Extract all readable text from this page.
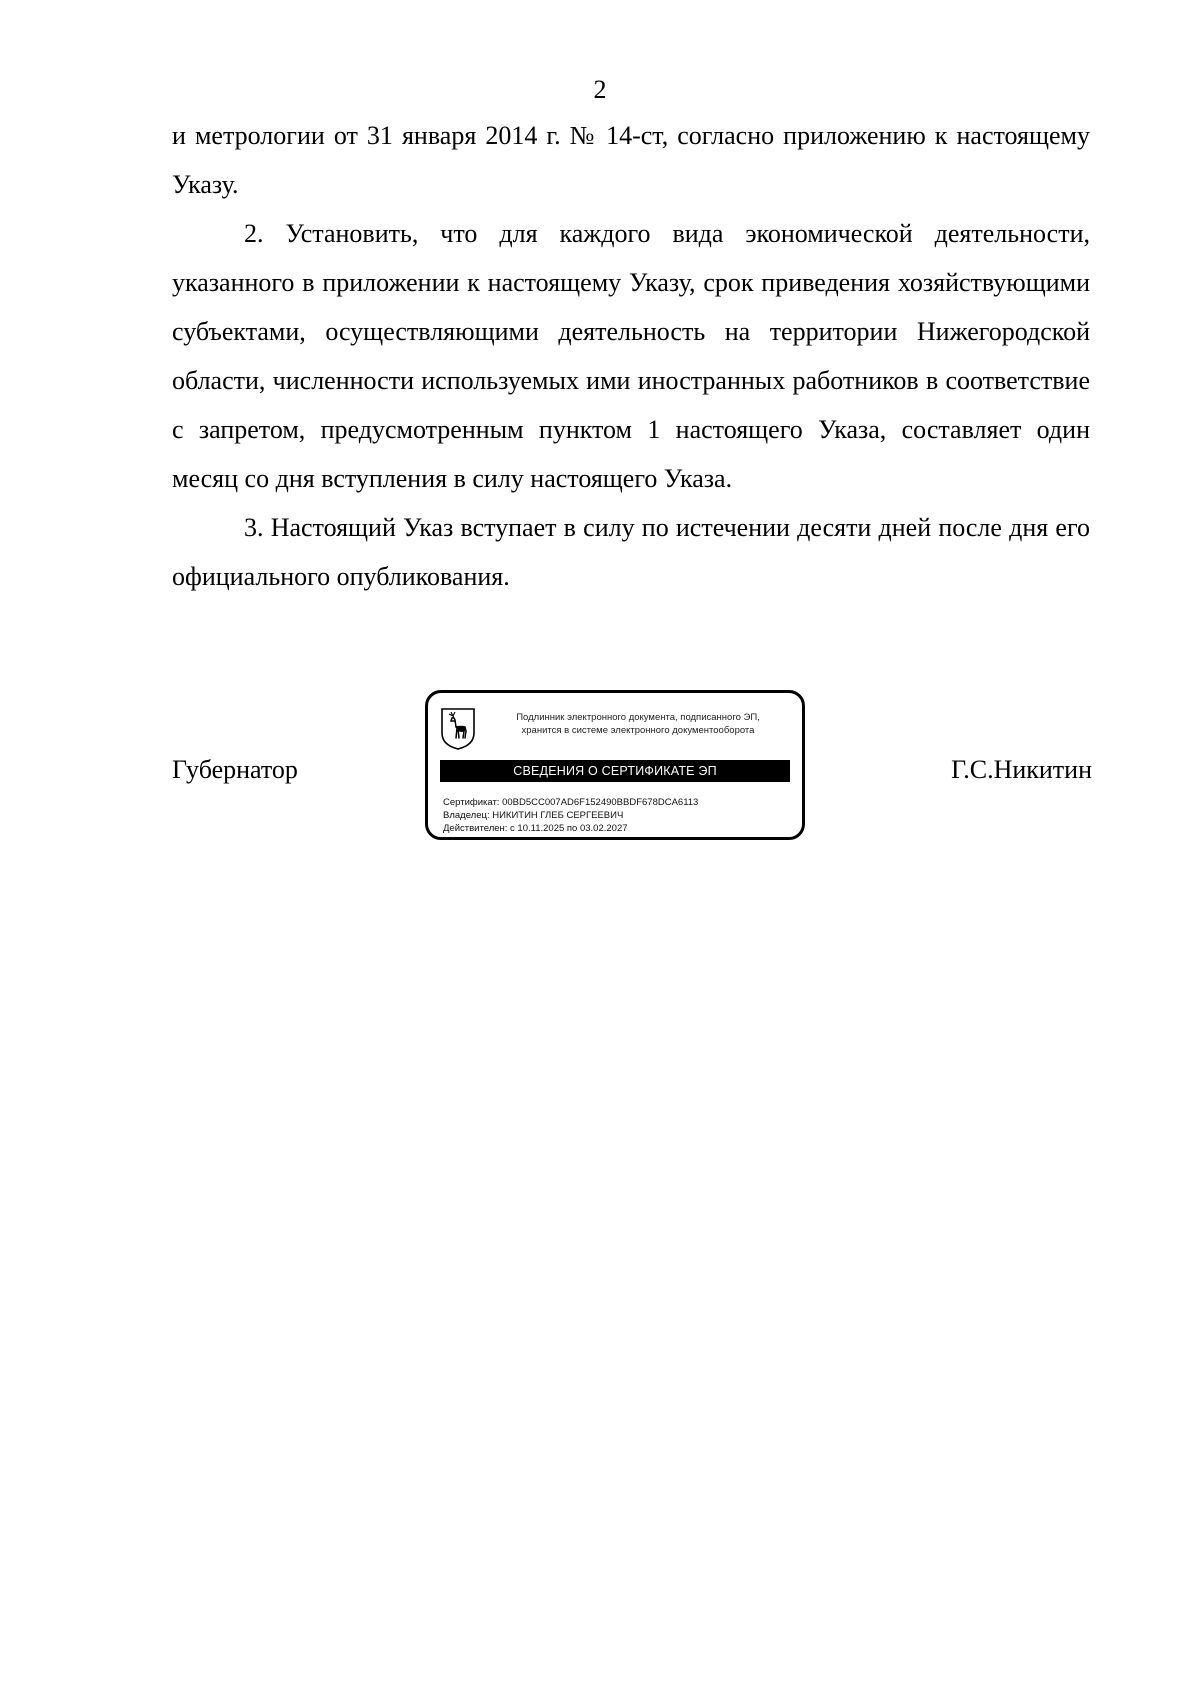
2

и метрологии от 31 января 2014 г. № 14-ст, согласно приложению к настоящему Указу.

2. Установить, что для каждого вида экономической деятельности, указанного в приложении к настоящему Указу, срок приведения хозяйствующими субъектами, осуществляющими деятельность на территории Нижегородской области, численности используемых ими иностранных работников в соответствие с запретом, предусмотренным пунктом 1 настоящего Указа, составляет один месяц со дня вступления в силу настоящего Указа.

3. Настоящий Указ вступает в силу по истечении десяти дней после дня его официального опубликования.

Губернатор
Подлинник электронного документа, подписанного ЭП,
хранится в системе электронного документооборота
СВЕДЕНИЯ О СЕРТИФИКАТЕ ЭП
Сертификат: 00BD5CC007AD6F152490BBDF678DCA6113
Владелец: НИКИТИН ГЛЕБ СЕРГЕЕВИЧ
Действителен: с 10.11.2025 по 03.02.2027
Г.С.Никитин
